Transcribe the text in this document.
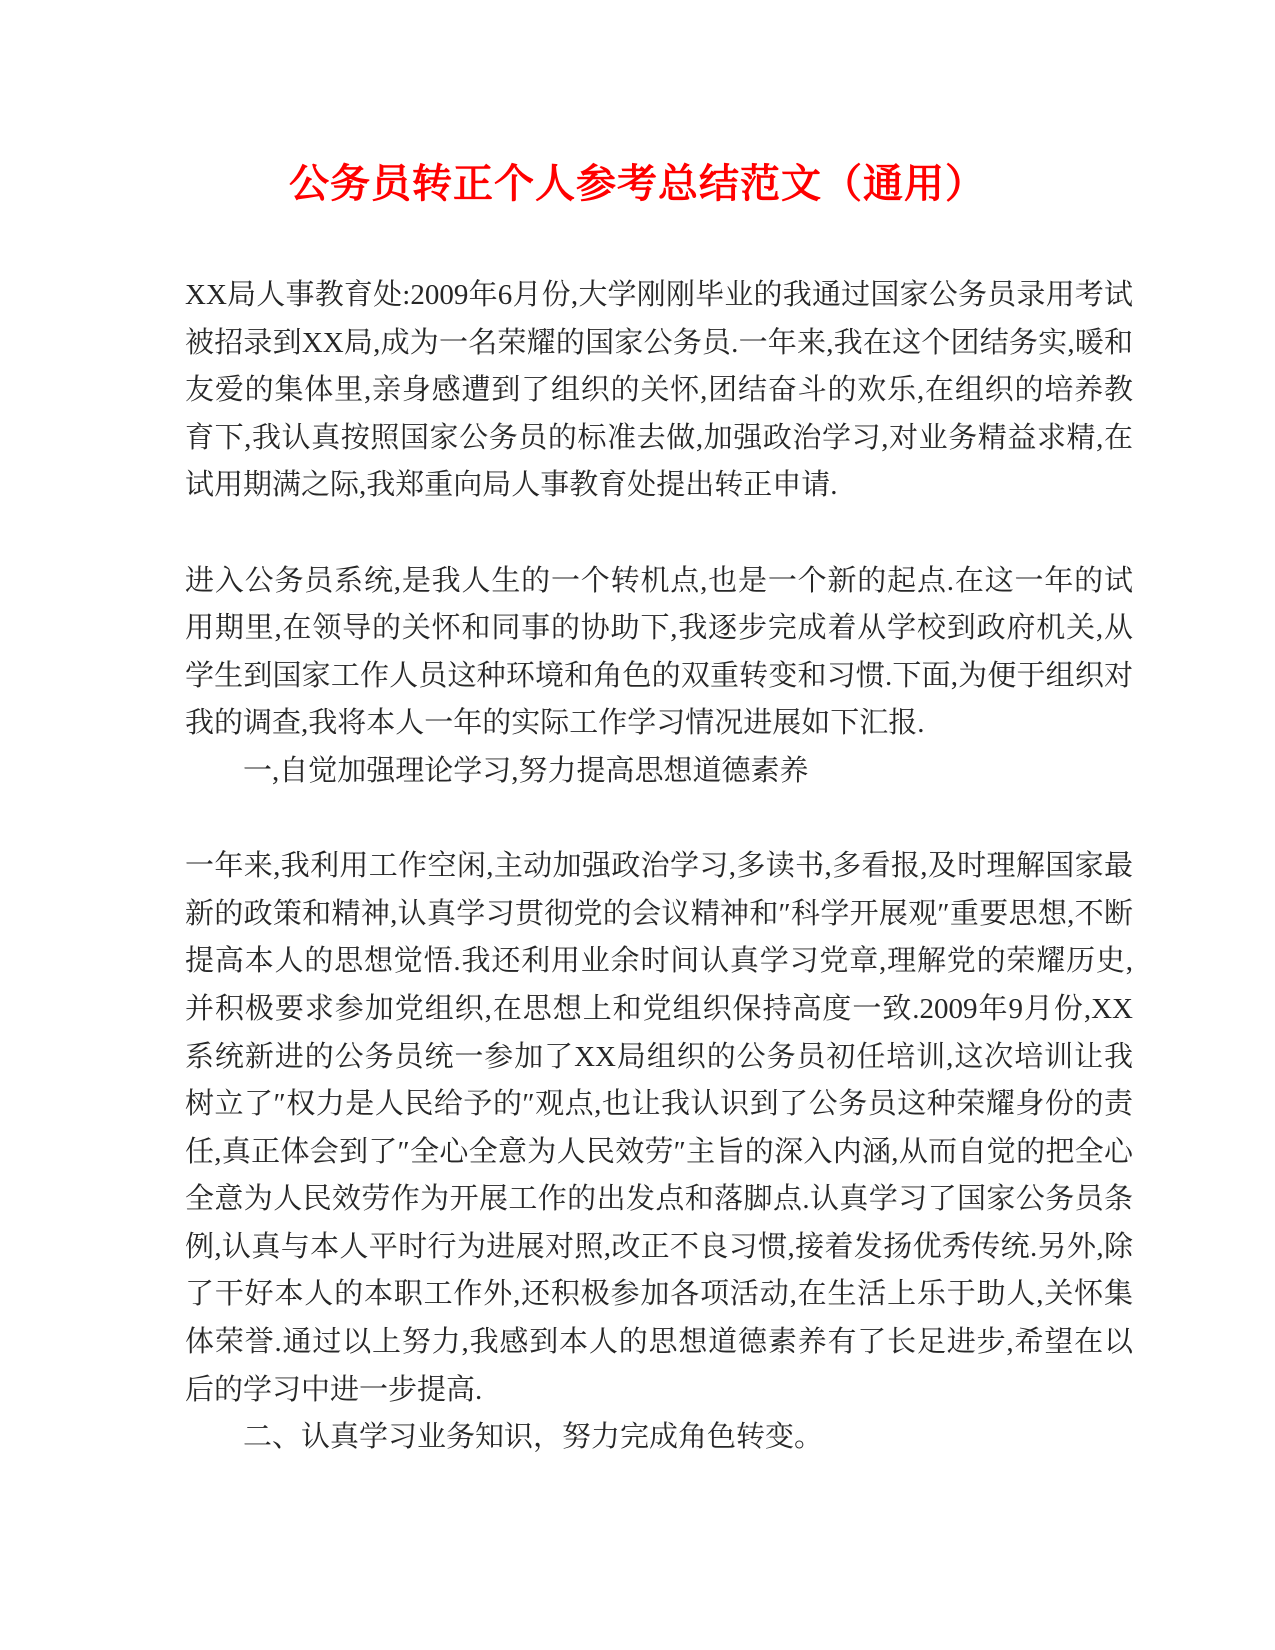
公务员转正个人参考总结范文（通用）

XX局人事教育处:2009年6月份,大学刚刚毕业的我通过国家公务员录用考试被招录到XX局,成为一名荣耀的国家公务员.一年来,我在这个团结务实,暖和友爱的集体里,亲身感遭到了组织的关怀,团结奋斗的欢乐,在组织的培养教育下,我认真按照国家公务员的标准去做,加强政治学习,对业务精益求精,在试用期满之际,我郑重向局人事教育处提出转正申请.

进入公务员系统,是我人生的一个转机点,也是一个新的起点.在这一年的试用期里,在领导的关怀和同事的协助下,我逐步完成着从学校到政府机关,从学生到国家工作人员这种环境和角色的双重转变和习惯.下面,为便于组织对我的调查,我将本人一年的实际工作学习情况进展如下汇报.

一,自觉加强理论学习,努力提高思想道德素养

一年来,我利用工作空闲,主动加强政治学习,多读书,多看报,及时理解国家最新的政策和精神,认真学习贯彻党的会议精神和″科学开展观″重要思想,不断提高本人的思想觉悟.我还利用业余时间认真学习党章,理解党的荣耀历史,并积极要求参加党组织,在思想上和党组织保持高度一致.2009年9月份,XX系统新进的公务员统一参加了XX局组织的公务员初任培训,这次培训让我树立了″权力是人民给予的″观点,也让我认识到了公务员这种荣耀身份的责任,真正体会到了″全心全意为人民效劳″主旨的深入内涵,从而自觉的把全心全意为人民效劳作为开展工作的出发点和落脚点.认真学习了国家公务员条例,认真与本人平时行为进展对照,改正不良习惯,接着发扬优秀传统.另外,除了干好本人的本职工作外,还积极参加各项活动,在生活上乐于助人,关怀集体荣誉.通过以上努力,我感到本人的思想道德素养有了长足进步,希望在以后的学习中进一步提高.

二、认真学习业务知识，努力完成角色转变。
